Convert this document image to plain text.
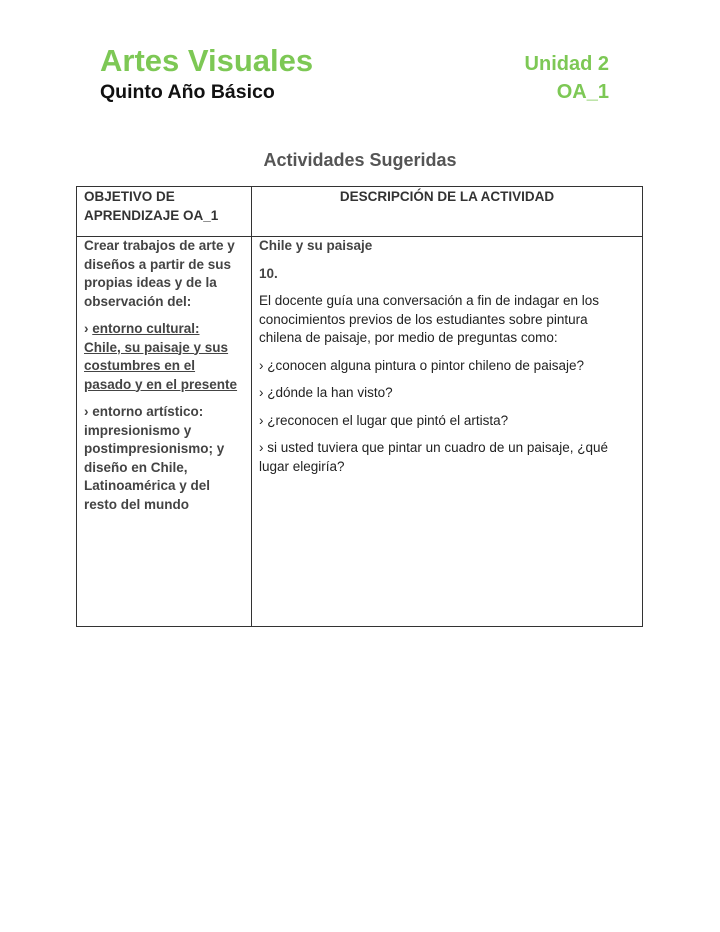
Artes Visuales
Quinto Año Básico
Unidad 2
OA_1
Actividades Sugeridas
OBJETIVO DE
APRENDIZAJE OA_1
DESCRIPCIÓN DE LA ACTIVIDAD
Crear trabajos de arte y
diseños a partir de sus
propias ideas y de la
observación del:
› entorno cultural:
Chile, su paisaje y sus
costumbres en el
pasado y en el presente
› entorno artístico:
impresionismo y
postimpresionismo; y
diseño en Chile,
Latinoamérica y del
resto del mundo
Chile y su paisaje
10.
El docente guía una conversación a fin de indagar en los
conocimientos previos de los estudiantes sobre pintura
chilena de paisaje, por medio de preguntas como:
› ¿conocen alguna pintura o pintor chileno de paisaje?
› ¿dónde la han visto?
› ¿reconocen el lugar que pintó el artista?
› si usted tuviera que pintar un cuadro de un paisaje, ¿qué
lugar elegiría?
